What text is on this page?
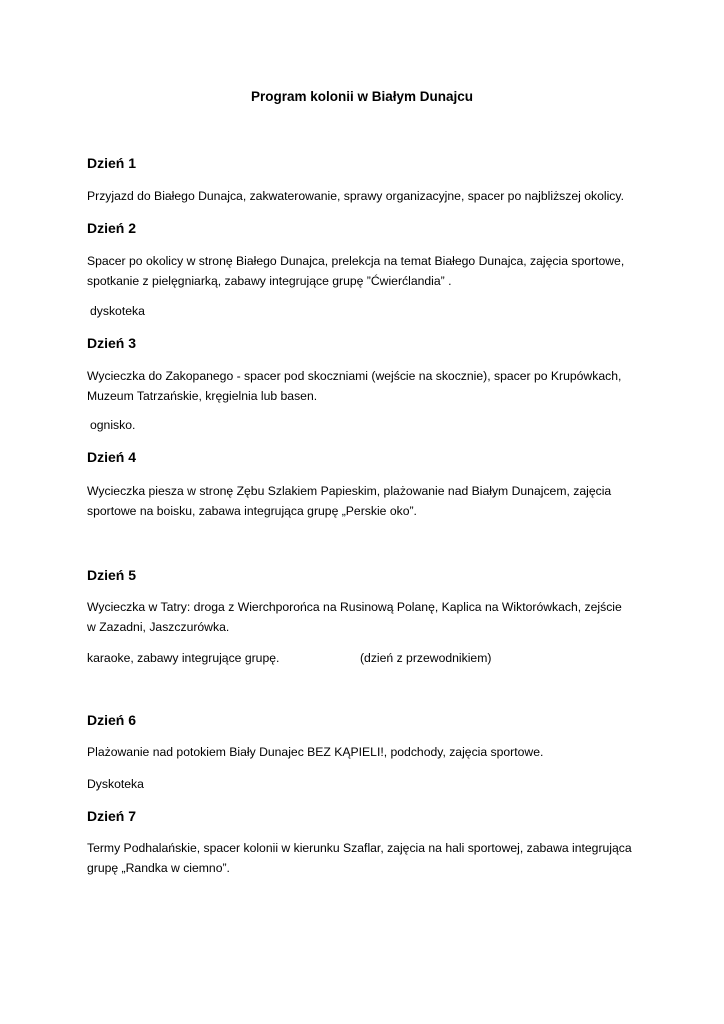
Program kolonii w Białym Dunajcu
Dzień 1
Przyjazd do Białego Dunajca, zakwaterowanie, sprawy organizacyjne, spacer po najbliższej okolicy.
Dzień 2
Spacer po okolicy w stronę Białego Dunajca, prelekcja na temat Białego Dunajca, zajęcia sportowe,
spotkanie z pielęgniarką, zabawy integrujące grupę ”Ćwierćlandia” .
dyskoteka
Dzień 3
Wycieczka do Zakopanego - spacer pod skoczniami (wejście na skocznie), spacer po Krupówkach,
Muzeum Tatrzańskie, kręgielnia lub basen.
ognisko.
Dzień 4
Wycieczka piesza w stronę Zębu Szlakiem Papieskim, plażowanie nad Białym Dunajcem, zajęcia
sportowe na boisku, zabawa integrująca grupę „Perskie oko”.
Dzień 5
Wycieczka w Tatry: droga z Wierchporońca na Rusinową Polanę, Kaplica na Wiktorówkach, zejście
w Zazadni, Jaszczurówka.
karaoke, zabawy integrujące grupę.	(dzień z przewodnikiem)
Dzień 6
Plażowanie nad potokiem Biały Dunajec BEZ KĄPIELI!, podchody, zajęcia sportowe.
Dyskoteka
Dzień 7
Termy Podhalańskie, spacer kolonii w kierunku Szaflar, zajęcia na hali sportowej, zabawa integrująca
grupę „Randka w ciemno”.
